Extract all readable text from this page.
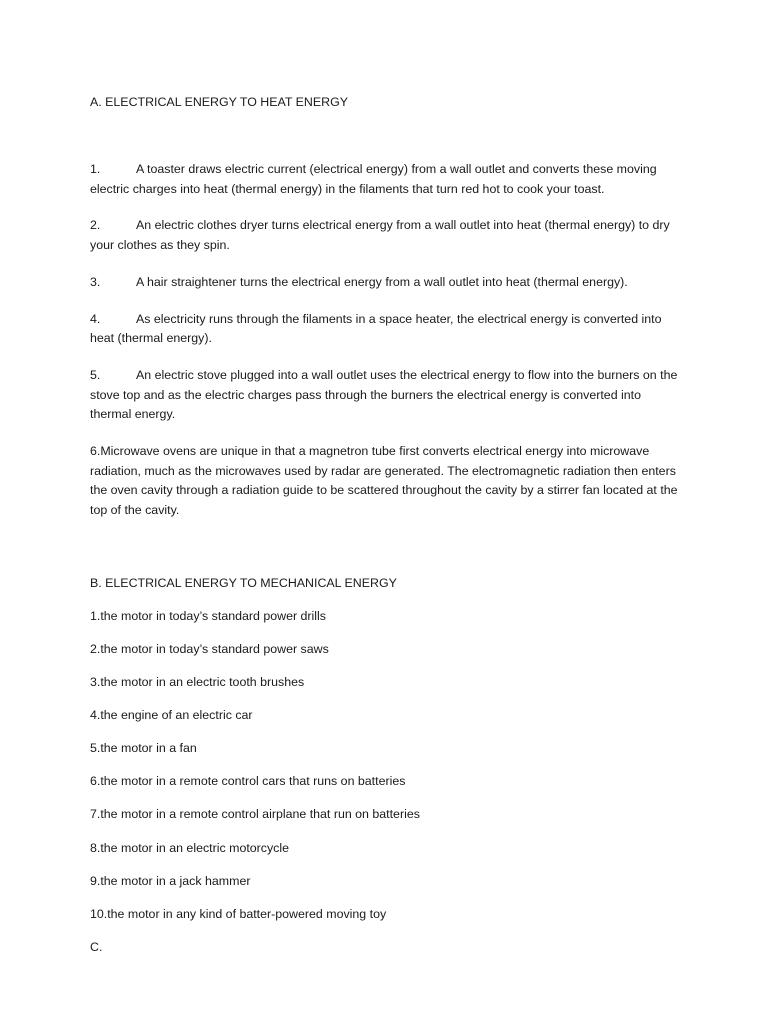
A. ELECTRICAL ENERGY TO HEAT ENERGY

1.	A toaster draws electric current (electrical energy) from a wall outlet and converts these moving electric charges into heat (thermal energy) in the filaments that turn red hot to cook your toast.

2.	An electric clothes dryer turns electrical energy from a wall outlet into heat (thermal energy) to dry your clothes as they spin.

3.	A hair straightener turns the electrical energy from a wall outlet into heat (thermal energy).

4.	As electricity runs through the filaments in a space heater, the electrical energy is converted into heat (thermal energy).

5.	An electric stove plugged into a wall outlet uses the electrical energy to flow into the burners on the stove top and as the electric charges pass through the burners the electrical energy is converted into thermal energy.

6.Microwave ovens are unique in that a magnetron tube first converts electrical energy into microwave radiation, much as the microwaves used by radar are generated. The electromagnetic radiation then enters the oven cavity through a radiation guide to be scattered throughout the cavity by a stirrer fan located at the top of the cavity.

B. ELECTRICAL ENERGY TO MECHANICAL ENERGY

1.the motor in today’s standard power drills

2.the motor in today’s standard power saws

3.the motor in an electric tooth brushes

4.the engine of an electric car

5.the motor in a fan

6.the motor in a remote control cars that runs on batteries

7.the motor in a remote control airplane that run on batteries

8.the motor in an electric motorcycle

9.the motor in a jack hammer

10.the motor in any kind of batter-powered moving toy

C.
